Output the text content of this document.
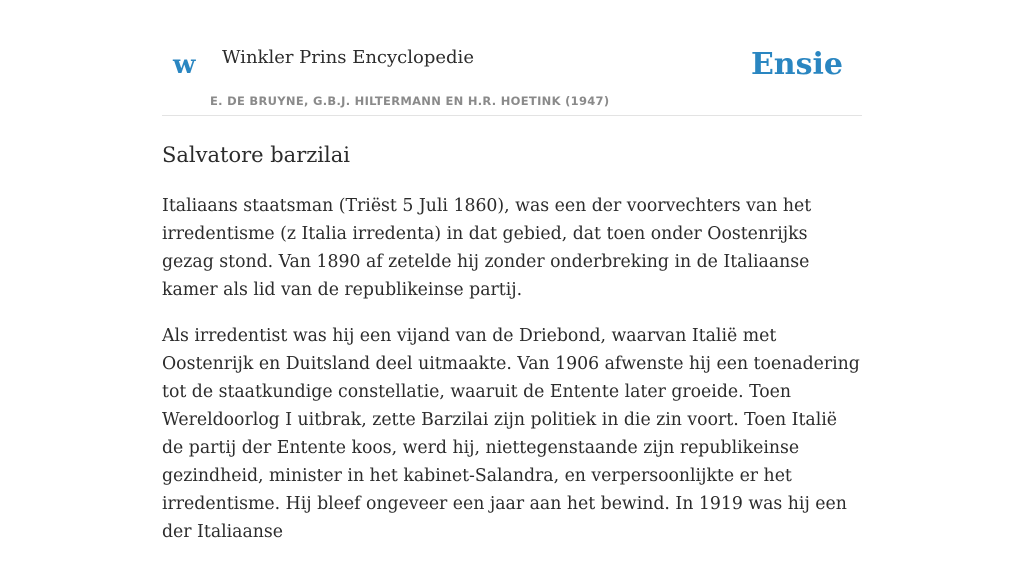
w Winkler Prins Encyclopedie
E. DE BRUYNE, G.B.J. HILTERMANN EN H.R. HOETINK (1947)
Ensie
Salvatore barzilai

Italiaans staatsman (Triëst 5 Juli 1860), was een der voorvechters van het irredentisme (z Italia irredenta) in dat gebied, dat toen onder Oostenrijks gezag stond. Van 1890 af zetelde hij zonder onderbreking in de Italiaanse kamer als lid van de republikeinse partij.

Als irredentist was hij een vijand van de Driebond, waarvan Italië met Oostenrijk en Duitsland deel uitmaakte. Van 1906 afwenste hij een toenadering tot de staatkundige constellatie, waaruit de Entente later groeide. Toen Wereldoorlog I uitbrak, zette Barzilai zijn politiek in die zin voort. Toen Italië de partij der Entente koos, werd hij, niettegenstaande zijn republikeinse gezindheid, minister in het kabinet-Salandra, en verpersoonlijkte er het irredentisme. Hij bleef ongeveer een jaar aan het bewind. In 1919 was hij een der Italiaanse
